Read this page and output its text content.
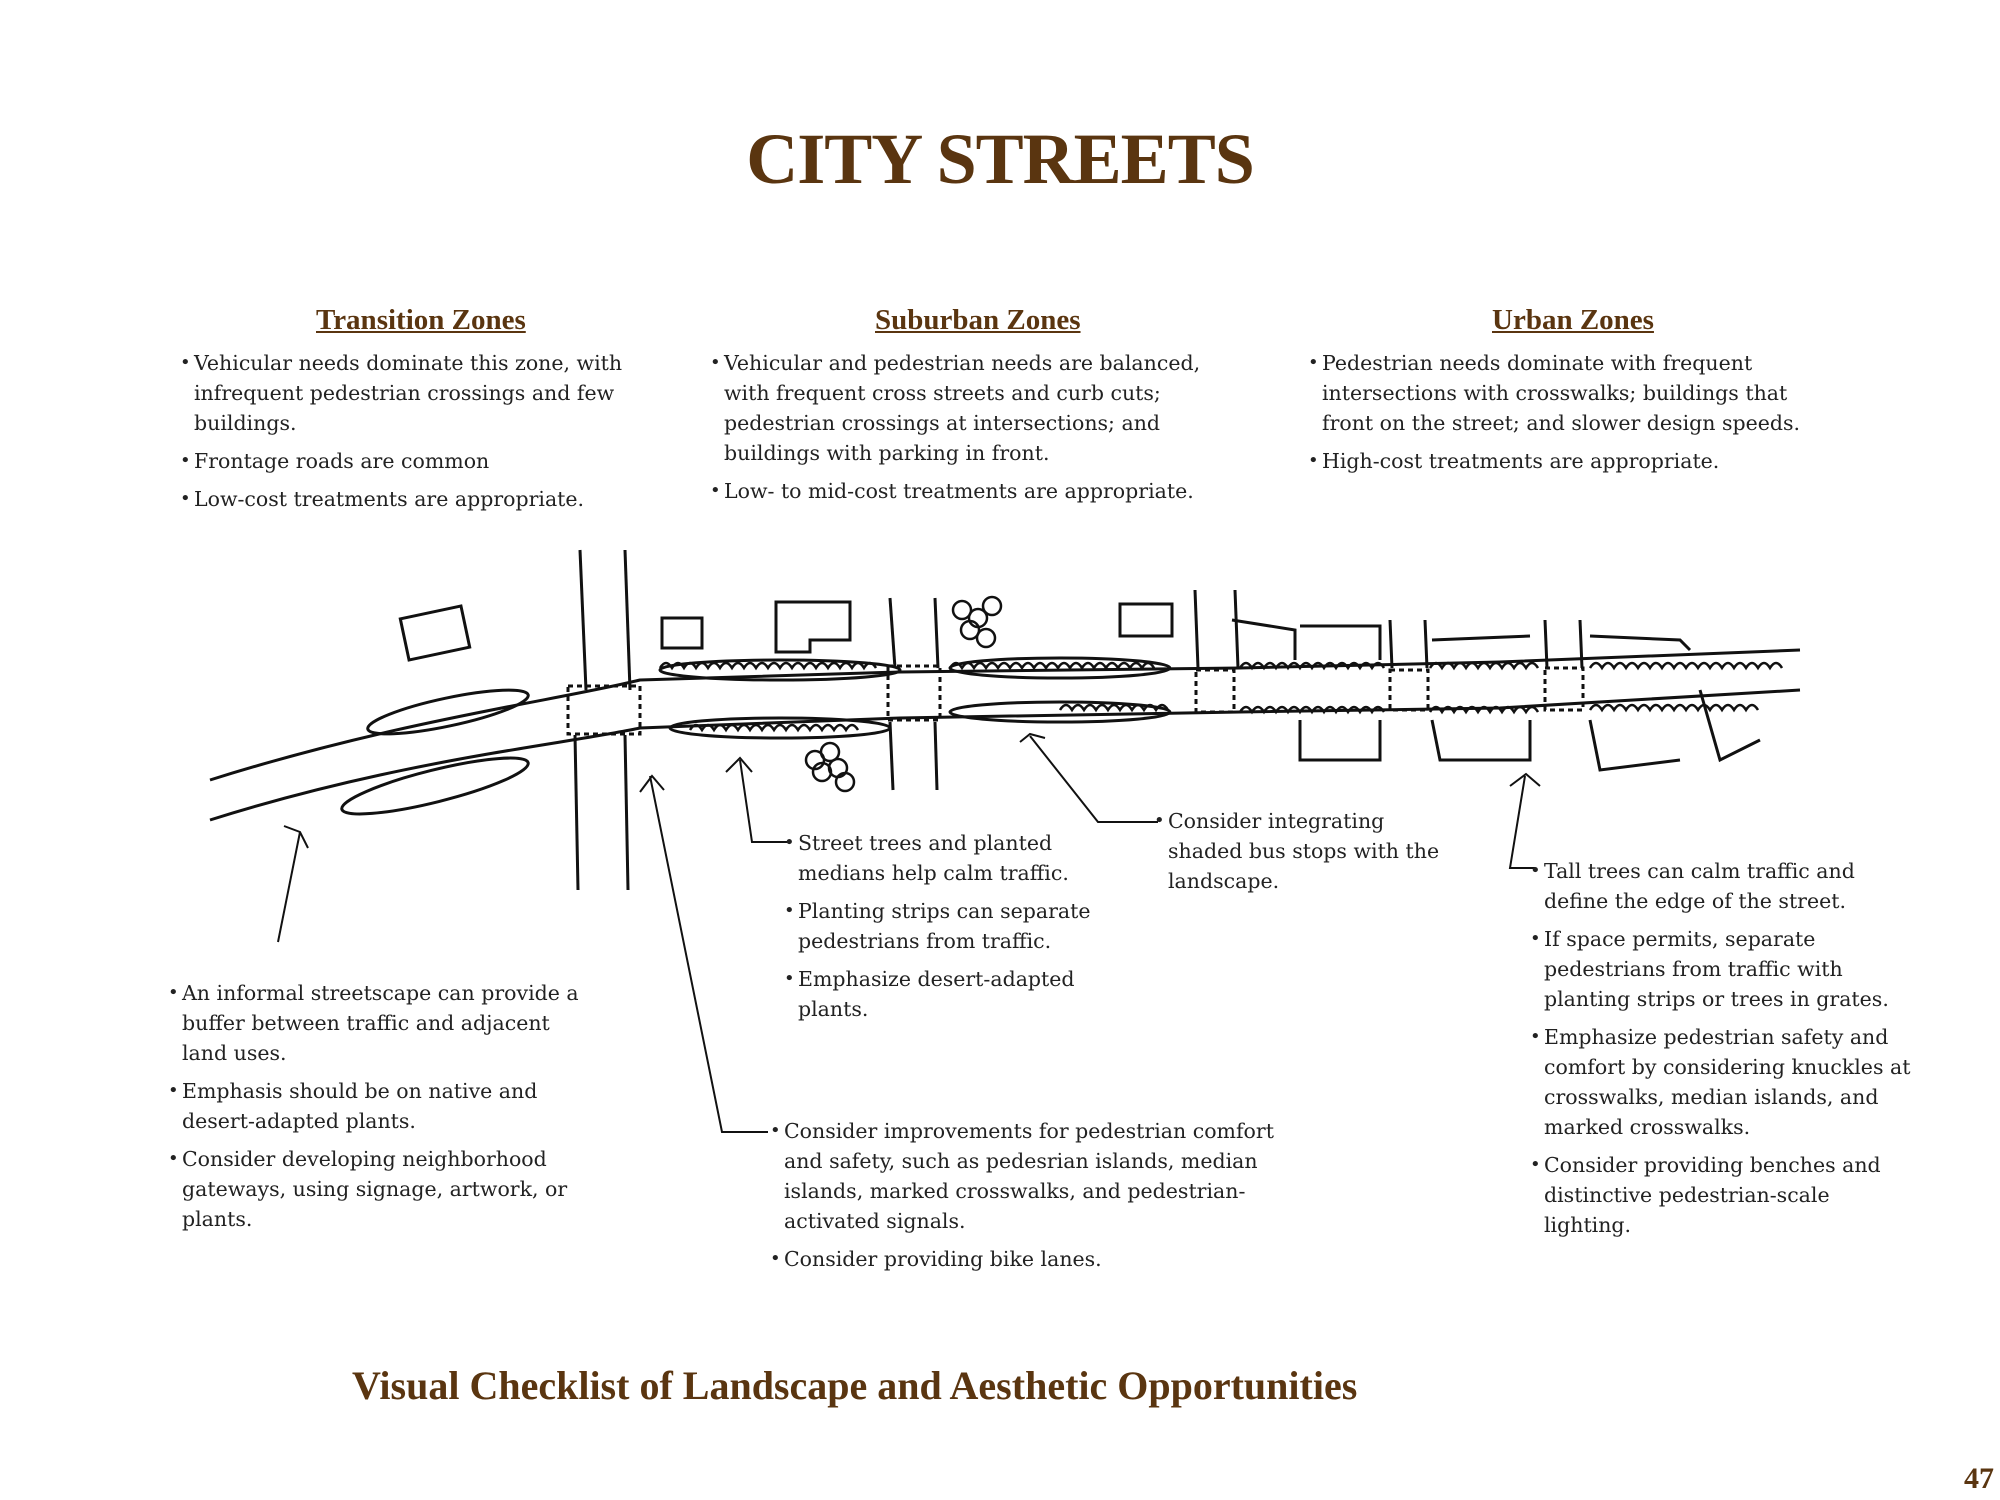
CITY STREETS
Transition Zones	Suburban Zones	Urban Zones
• Vehicular needs dominate this zone, with infrequent pedestrian crossings and few buildings.
• Frontage roads are common
• Low-cost treatments are appropriate.
• Vehicular and pedestrian needs are balanced, with frequent cross streets and curb cuts; pedestrian crossings at intersections; and buildings with parking in front.
• Low- to mid-cost treatments are appropriate.
• Pedestrian needs dominate with frequent intersections with crosswalks; buildings that front on the street; and slower design speeds.
• High-cost treatments are appropriate.
• An informal streetscape can provide a buffer between traffic and adjacent land uses.
• Emphasis should be on native and desert-adapted plants.
• Consider developing neighborhood gateways, using signage, artwork, or plants.
• Street trees and planted medians help calm traffic.
• Planting strips can separate pedestrians from traffic.
• Emphasize desert-adapted plants.
• Consider integrating shaded bus stops with the landscape.
• Consider improvements for pedestrian comfort and safety, such as pedesrian islands, median islands, marked crosswalks, and pedestrian-activated signals.
• Consider providing bike lanes.
• Tall trees can calm traffic and define the edge of the street.
• If space permits, separate pedestrians from traffic with planting strips or trees in grates.
• Emphasize pedestrian safety and comfort by considering knuckles at crosswalks, median islands, and marked crosswalks.
• Consider providing benches and distinctive pedestrian-scale lighting.
Visual Checklist of Landscape and Aesthetic Opportunities
47
